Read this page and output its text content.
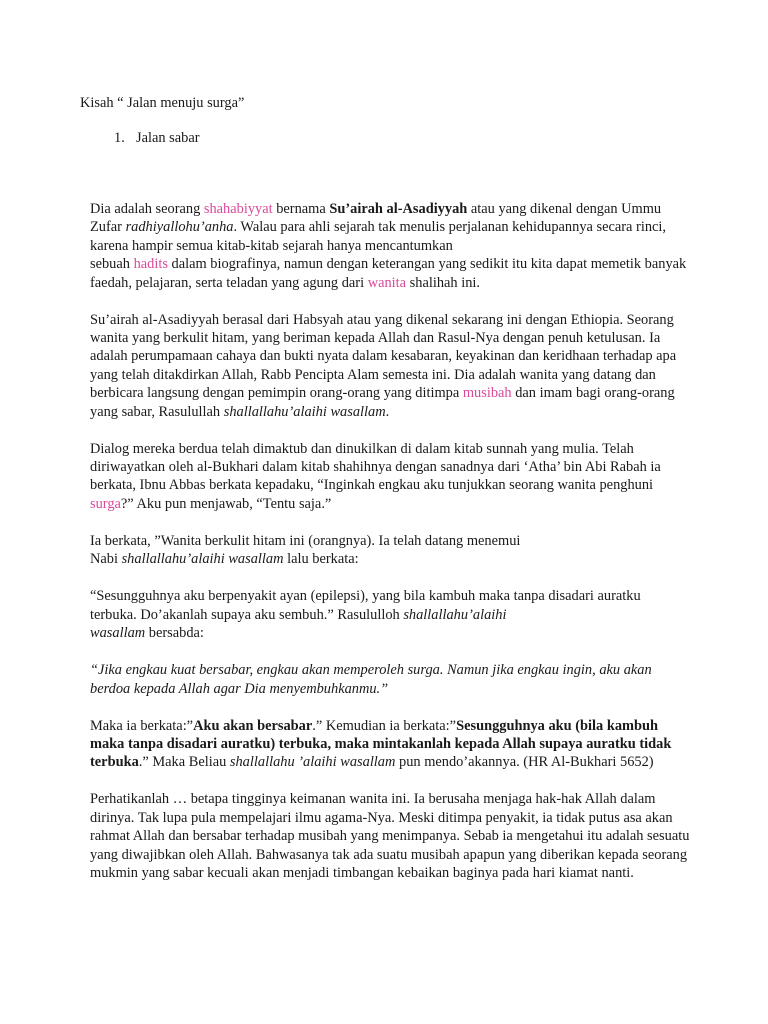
Kisah “ Jalan menuju surga”

1. Jalan sabar

Dia adalah seorang shahabiyyat bernama Su’airah al-Asadiyyah atau yang dikenal dengan Ummu Zufar radhiyallohu’anha. Walau para ahli sejarah tak menulis perjalanan kehidupannya secara rinci, karena hampir semua kitab-kitab sejarah hanya mencantumkan
sebuah hadits dalam biografinya, namun dengan keterangan yang sedikit itu kita dapat memetik banyak faedah, pelajaran, serta teladan yang agung dari wanita shalihah ini.

Su’airah al-Asadiyyah berasal dari Habsyah atau yang dikenal sekarang ini dengan Ethiopia. Seorang wanita yang berkulit hitam, yang beriman kepada Allah dan Rasul-Nya dengan penuh ketulusan. Ia adalah perumpamaan cahaya dan bukti nyata dalam kesabaran, keyakinan dan keridhaan terhadap apa yang telah ditakdirkan Allah, Rabb Pencipta Alam semesta ini. Dia adalah wanita yang datang dan berbicara langsung dengan pemimpin orang-orang yang ditimpa musibah dan imam bagi orang-orang yang sabar, Rasulullah shallallahu’alaihi wasallam.

Dialog mereka berdua telah dimaktub dan dinukilkan di dalam kitab sunnah yang mulia. Telah diriwayatkan oleh al-Bukhari dalam kitab shahihnya dengan sanadnya dari ‘Atha’ bin Abi Rabah ia berkata, Ibnu Abbas berkata kepadaku, “Inginkah engkau aku tunjukkan seorang wanita penghuni surga?” Aku pun menjawab, “Tentu saja.”

Ia berkata, ”Wanita berkulit hitam ini (orangnya). Ia telah datang menemui
Nabi shallallahu’alaihi wasallam lalu berkata:

“Sesungguhnya aku berpenyakit ayan (epilepsi), yang bila kambuh maka tanpa disadari auratku terbuka. Do’akanlah supaya aku sembuh.” Rasululloh shallallahu’alaihi
wasallam bersabda:

“Jika engkau kuat bersabar, engkau akan memperoleh surga. Namun jika engkau ingin, aku akan berdoa kepada Allah agar Dia menyembuhkanmu.”

Maka ia berkata:”Aku akan bersabar.” Kemudian ia berkata:”Sesungguhnya aku (bila kambuh maka tanpa disadari auratku) terbuka, maka mintakanlah kepada Allah supaya auratku tidak terbuka.” Maka Beliau shallallahu ’alaihi wasallam pun mendo’akannya. (HR Al-Bukhari 5652)

Perhatikanlah … betapa tingginya keimanan wanita ini. Ia berusaha menjaga hak-hak Allah dalam dirinya. Tak lupa pula mempelajari ilmu agama-Nya. Meski ditimpa penyakit, ia tidak putus asa akan rahmat Allah dan bersabar terhadap musibah yang menimpanya. Sebab ia mengetahui itu adalah sesuatu yang diwajibkan oleh Allah. Bahwasanya tak ada suatu musibah apapun yang diberikan kepada seorang mukmin yang sabar kecuali akan menjadi timbangan kebaikan baginya pada hari kiamat nanti.
